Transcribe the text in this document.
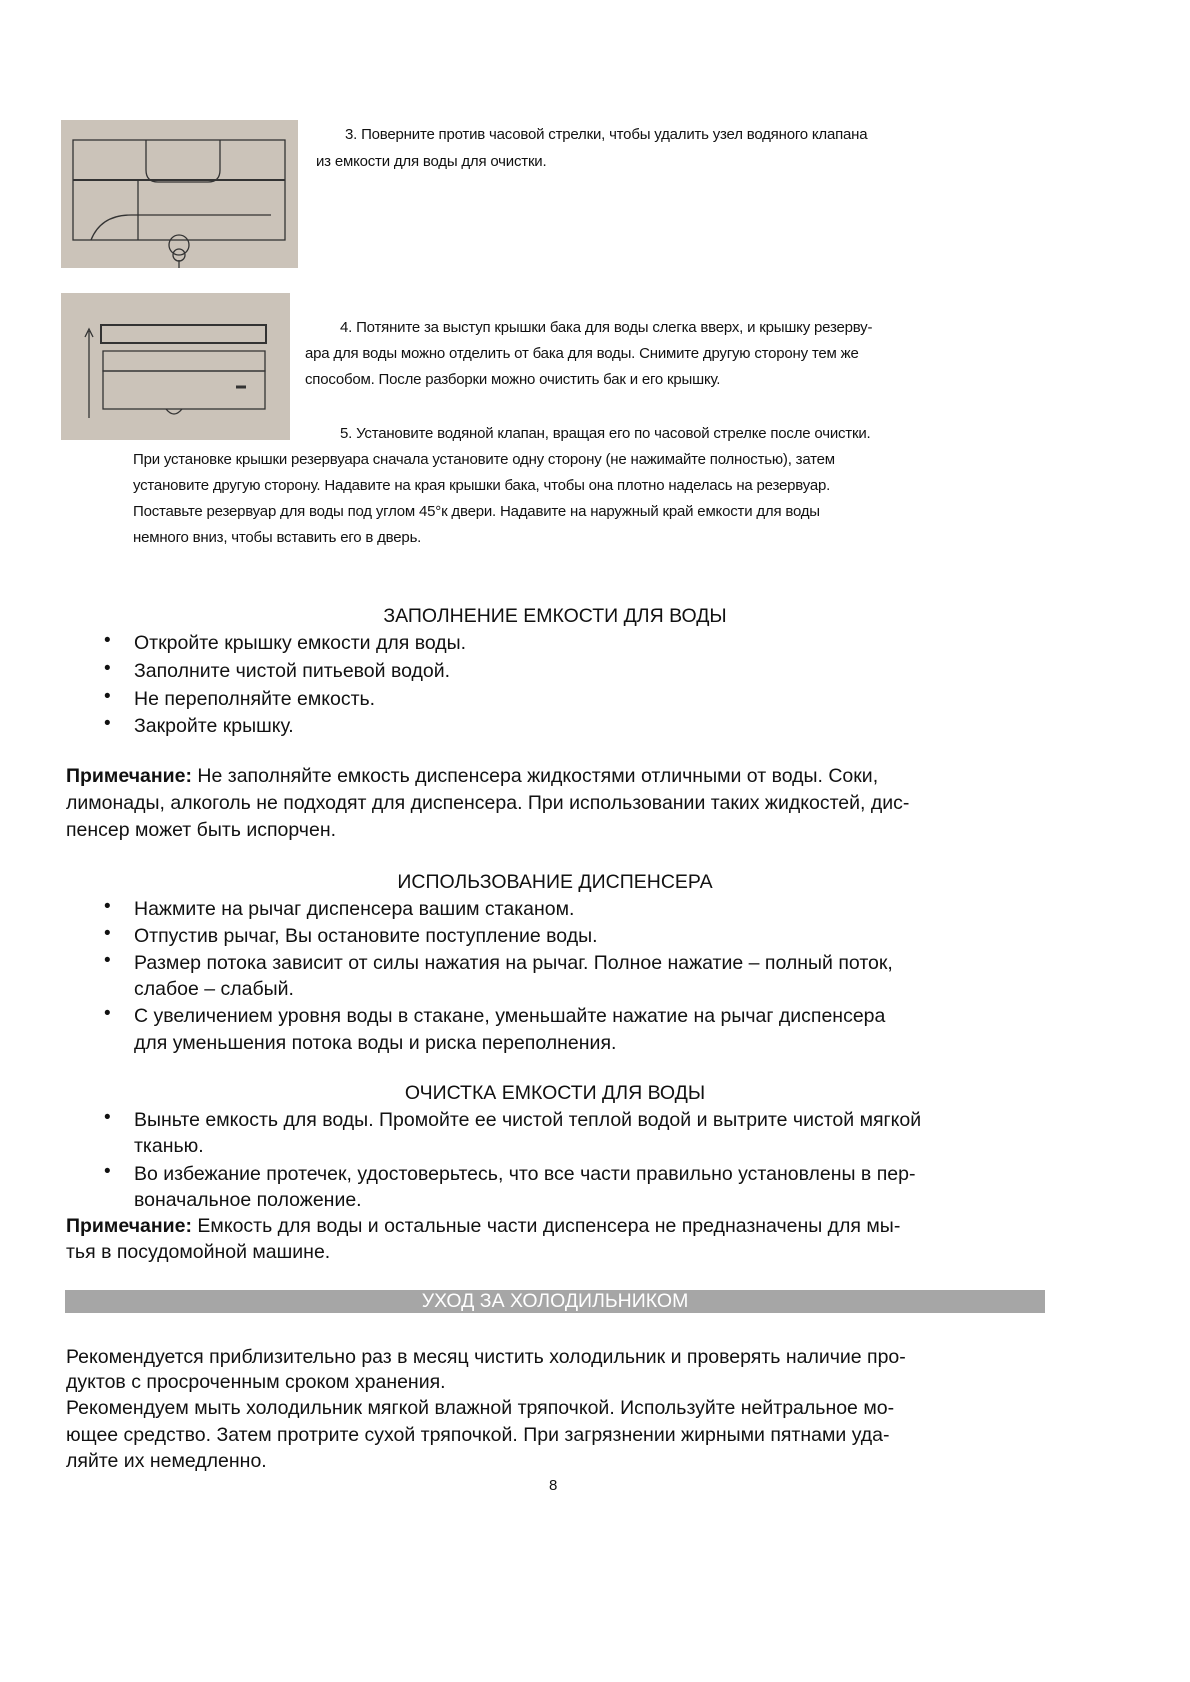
3. Поверните против часовой стрелки, чтобы удалить узел водяного клапана
из емкости для воды для очистки.
4. Потяните за выступ крышки бака для воды слегка вверх, и крышку резерву-
ара для воды можно отделить от бака для воды. Снимите другую сторону тем же
способом. После разборки можно очистить бак и его крышку.
5. Установите водяной клапан, вращая его по часовой стрелке после очистки.
При установке крышки резервуара сначала установите одну сторону (не нажимайте полностью), затем
установите другую сторону. Надавите на края крышки бака, чтобы она плотно наделась на резервуар.
Поставьте резервуар для воды под углом 45°к двери. Надавите на наружный край емкости для воды
немного вниз, чтобы вставить его в дверь.
ЗАПОЛНЕНИЕ ЕМКОСТИ ДЛЯ ВОДЫ
• Откройте крышку емкости для воды.
• Заполните чистой питьевой водой.
• Не переполняйте емкость.
• Закройте крышку.
Примечание: Не заполняйте емкость диспенсера жидкостями отличными от воды. Соки,
лимонады, алкоголь не подходят для диспенсера. При использовании таких жидкостей, дис-
пенсер может быть испорчен.
ИСПОЛЬЗОВАНИЕ ДИСПЕНСЕРА
• Нажмите на рычаг диспенсера вашим стаканом.
• Отпустив рычаг, Вы остановите поступление воды.
• Размер потока зависит от силы нажатия на рычаг. Полное нажатие – полный поток,
слабое – слабый.
• С увеличением уровня воды в стакане, уменьшайте нажатие на рычаг диспенсера
для уменьшения потока воды и риска переполнения.
ОЧИСТКА ЕМКОСТИ ДЛЯ ВОДЫ
• Выньте емкость для воды. Промойте ее чистой теплой водой и вытрите чистой мягкой
тканью.
• Во избежание протечек, удостоверьтесь, что все части правильно установлены в пер-
воначальное положение.
Примечание: Емкость для воды и остальные части диспенсера не предназначены для мы-
тья в посудомойной машине.
УХОД ЗА ХОЛОДИЛЬНИКОМ
Рекомендуется приблизительно раз в месяц чистить холодильник и проверять наличие про-
дуктов с просроченным сроком хранения.
Рекомендуем мыть холодильник мягкой влажной тряпочкой. Используйте нейтральное мо-
ющее средство. Затем протрите сухой тряпочкой. При загрязнении жирными пятнами уда-
ляйте их немедленно.
8
